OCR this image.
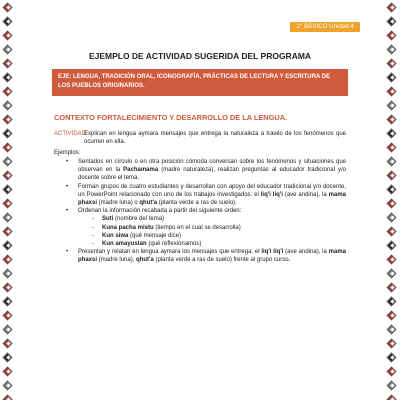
2° BÁSICO Unidad 4
EJEMPLO DE ACTIVIDAD SUGERIDA DEL PROGRAMA
EJE: LENGUA, TRADICIÓN ORAL, ICONOGRAFÍA, PRÁCTICAS DE LECTURA Y ESCRITURA DE LOS PUEBLOS ORIGINARIOS.
CONTEXTO FORTALECIMIENTO Y DESARROLLO DE LA LENGUA.
ACTIVIDAD:
Explican en lengua aymara mensajes que entrega la naturaleza a través de los fenómenos que ocurren en ella.
Ejemplos:
• Sentados en círculo o en otra posición cómoda conversan sobre los fenómenos y situaciones que observan en la Pachamama (madre naturaleza), realizan preguntas al educador tradicional y/o docente sobre el tema.
• Forman grupos de cuatro estudiantes y desarrollan con apoyo del educador tradicional y/o docente, un PowerPoint relacionado con uno de los trabajos investigados: el liq'i liq'i (ave andina), la mama phaxsi (madre luna) o qhut'a (planta verde a ras de suelo).
• Ordenan la información recabada a partir del siguiente orden:
- Suti (nombre del tema)
- Kuna pacha mistu (tiempo en el cual se desarrolla)
- Kun siwa (qué mensaje dice)
- Kun amayustan (qué reflexionamos)
• Presentan y relatan en lengua aymara los mensajes que entrega: el liq'i liq'i (ave andina), la mama phaxsi (madre luna), qhut'a (planta verde a ras de suelo) frente al grupo curso.
